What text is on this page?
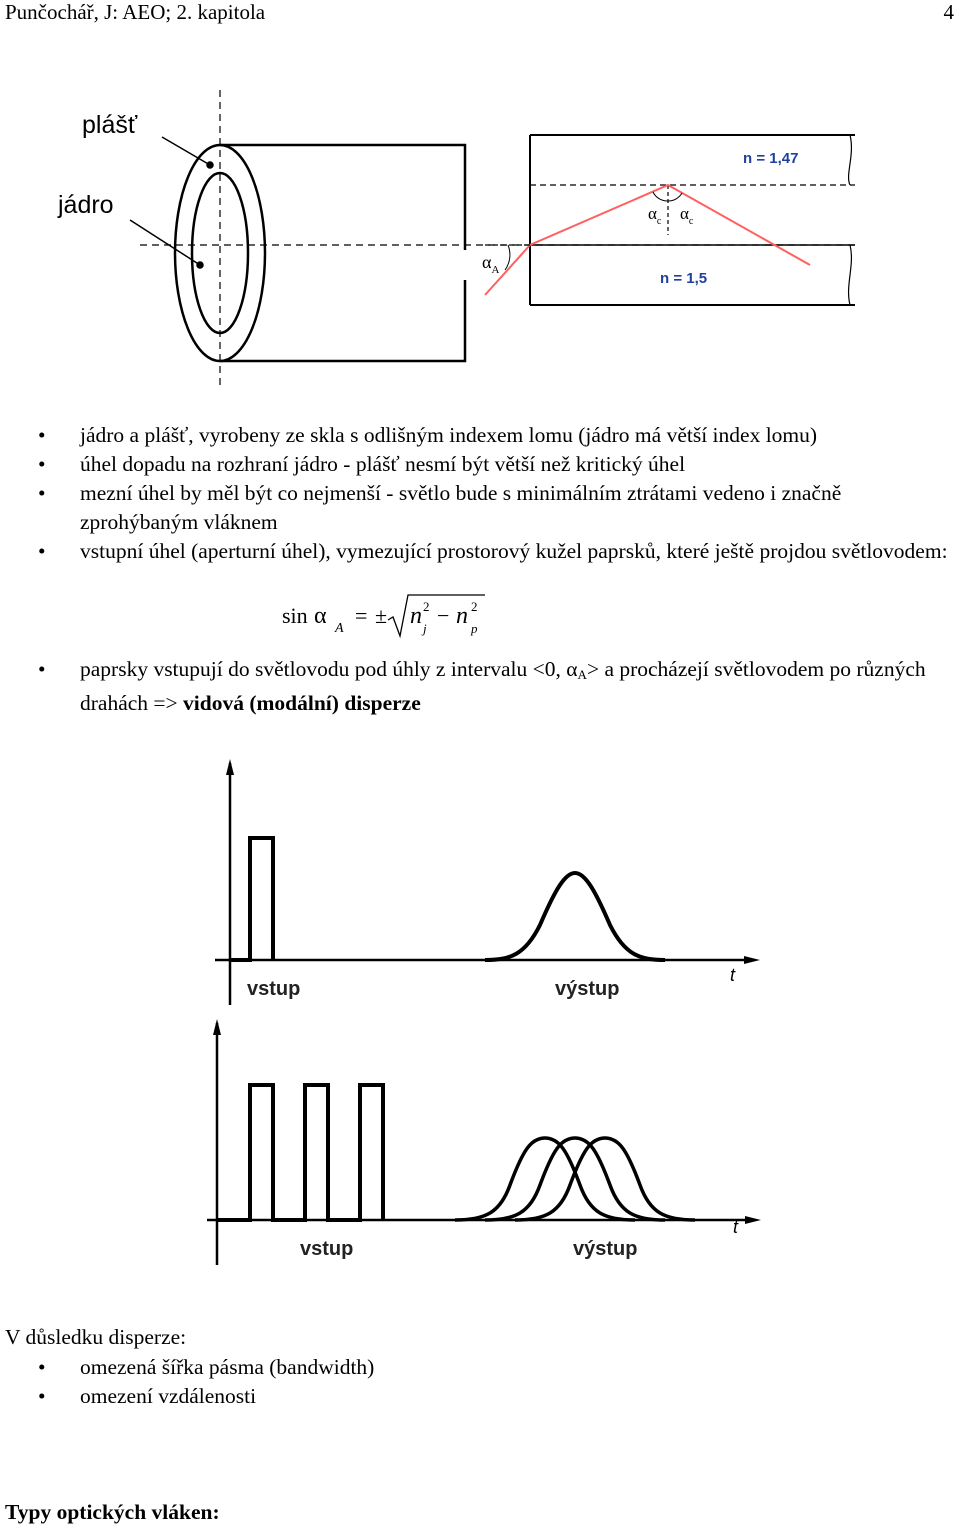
Punčochář, J: AEO; 2. kapitola	4
plášť
jádro
$\alpha_A$
$\alpha_c$ $\alpha_c$
n = 1,47
n = 1,5
• jádro a plášť, vyrobeny ze skla s odlišným indexem lomu (jádro má větší index lomu)
• úhel dopadu na rozhraní jádro - plášť nesmí být větší než kritický úhel
• mezní úhel by měl být co nejmenší - světlo bude s minimálním ztrátami vedeno i značně zprohýbaným vláknem
• vstupní úhel (aperturní úhel), vymezující prostorový kužel paprsků, které ještě projdou světlovodem:
sin α A
= ± n 2
j
− n 2
p
• paprsky vstupují do světlovodu pod úhly z intervalu <0, $\alpha_A> a$ procházejí světlovodem po různých drahách => vidová (modální) disperze
vstup	výstup
t
vstup	výstup
t
V důsledku disperze:
• omezená šířka pásma (bandwidth)
• omezení vzdálenosti
Typy optických vláken:
